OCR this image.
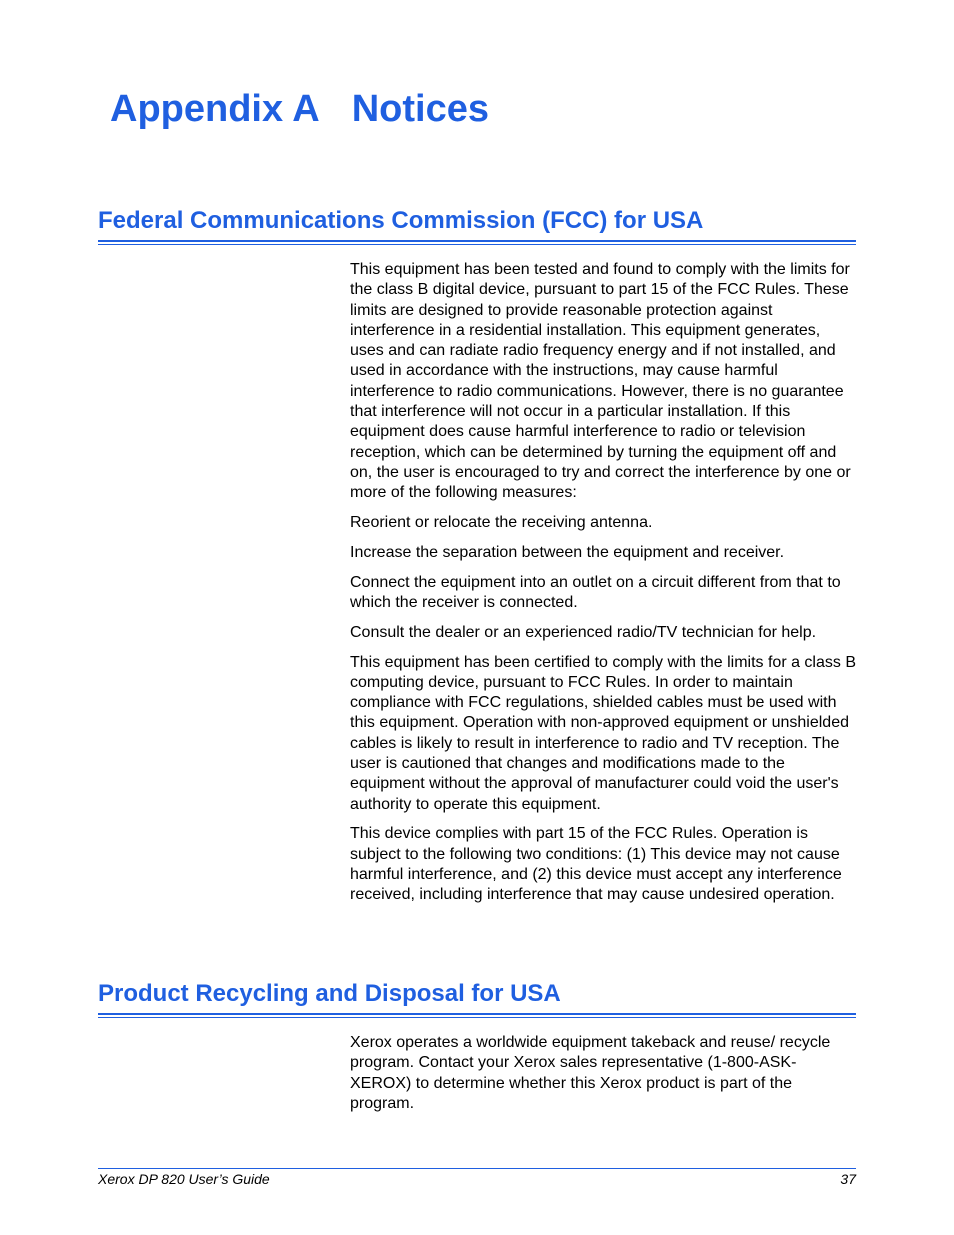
Appendix A Notices
Federal Communications Commission (FCC) for USA

This equipment has been tested and found to comply with the limits for the class B digital device, pursuant to part 15 of the FCC Rules. These limits are designed to provide reasonable protection against interference in a residential installation. This equipment generates, uses and can radiate radio frequency energy and if not installed, and used in accordance with the instructions, may cause harmful interference to radio communications. However, there is no guarantee that interference will not occur in a particular installation. If this equipment does cause harmful interference to radio or television reception, which can be determined by turning the equipment off and on, the user is encouraged to try and correct the interference by one or more of the following measures:

Reorient or relocate the receiving antenna.

Increase the separation between the equipment and receiver.

Connect the equipment into an outlet on a circuit different from that to which the receiver is connected.

Consult the dealer or an experienced radio/TV technician for help.

This equipment has been certified to comply with the limits for a class B computing device, pursuant to FCC Rules. In order to maintain compliance with FCC regulations, shielded cables must be used with this equipment. Operation with non-approved equipment or unshielded cables is likely to result in interference to radio and TV reception. The user is cautioned that changes and modifications made to the equipment without the approval of manufacturer could void the user's authority to operate this equipment.

This device complies with part 15 of the FCC Rules. Operation is subject to the following two conditions: (1) This device may not cause harmful interference, and (2) this device must accept any interference received, including interference that may cause undesired operation.

Product Recycling and Disposal for USA

Xerox operates a worldwide equipment takeback and reuse/ recycle program. Contact your Xerox sales representative (1-800-ASK-XEROX) to determine whether this Xerox product is part of the program.

Xerox DP 820 User’s Guide	37
